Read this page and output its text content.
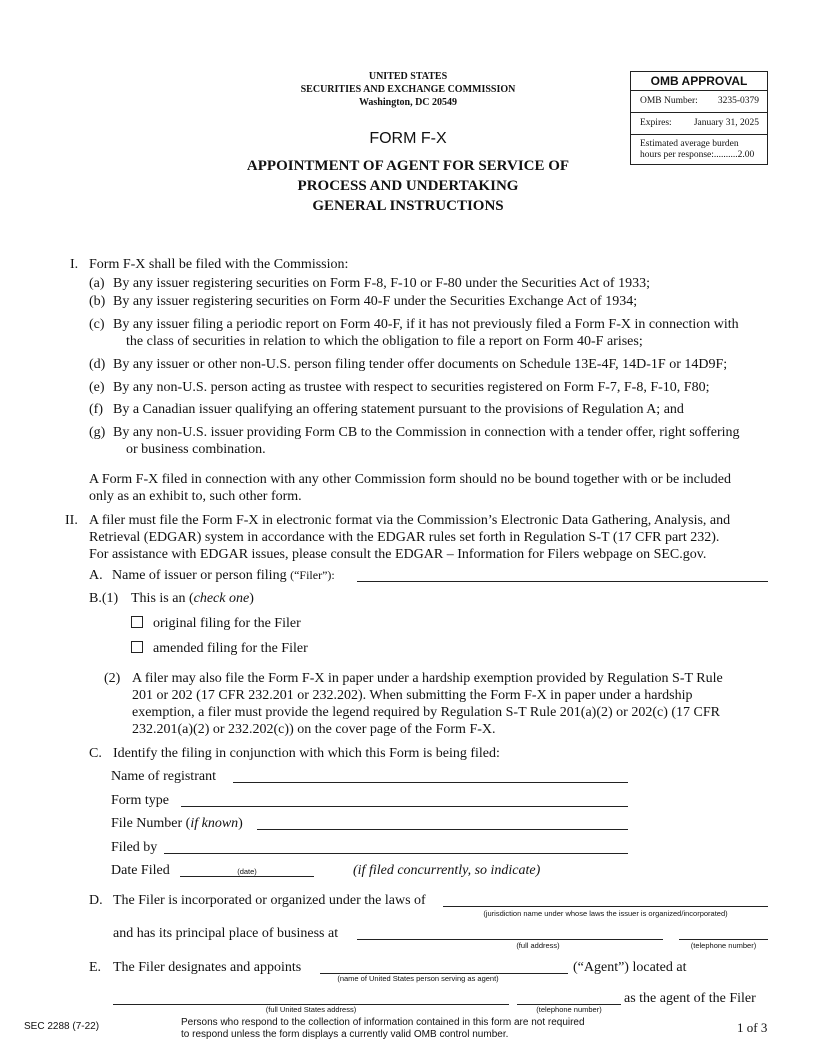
UNITED STATES
SECURITIES AND EXCHANGE COMMISSION
Washington, DC 20549
OMB APPROVAL
OMB Number: 3235-0379
Expires: January 31, 2025
Estimated average burden
hours per response:..........2.00
FORM F-X
APPOINTMENT OF AGENT FOR SERVICE OF
PROCESS AND UNDERTAKING
GENERAL INSTRUCTIONS
I. Form F-X shall be filed with the Commission:
(a) By any issuer registering securities on Form F-8, F-10 or F-80 under the Securities Act of 1933;
(b) By any issuer registering securities on Form 40-F under the Securities Exchange Act of 1934;
(c) By any issuer filing a periodic report on Form 40-F, if it has not previously filed a Form F-X in connection with
the class of securities in relation to which the obligation to file a report on Form 40-F arises;
(d) By any issuer or other non-U.S. person filing tender offer documents on Schedule 13E-4F, 14D-1F or 14D9F;
(e) By any non-U.S. person acting as trustee with respect to securities registered on Form F-7, F-8, F-10, F80;
(f) By a Canadian issuer qualifying an offering statement pursuant to the provisions of Regulation A; and
(g) By any non-U.S. issuer providing Form CB to the Commission in connection with a tender offer, right soffering
or business combination.
A Form F-X filed in connection with any other Commission form should no be bound together with or be included
only as an exhibit to, such other form.
II. A filer must file the Form F-X in electronic format via the Commission’s Electronic Data Gathering, Analysis, and
Retrieval (EDGAR) system in accordance with the EDGAR rules set forth in Regulation S-T (17 CFR part 232).
For assistance with EDGAR issues, please consult the EDGAR – Information for Filers webpage on SEC.gov.
A. Name of issuer or person filing (“Filer”):
B.(1) This is an (check one)
original filing for the Filer
amended filing for the Filer
(2) A filer may also file the Form F-X in paper under a hardship exemption provided by Regulation S-T Rule
201 or 202 (17 CFR 232.201 or 232.202). When submitting the Form F-X in paper under a hardship
exemption, a filer must provide the legend required by Regulation S-T Rule 201(a)(2) or 202(c) (17 CFR
232.201(a)(2) or 232.202(c)) on the cover page of the Form F-X.
C. Identify the filing in conjunction with which this Form is being filed:
Name of registrant
Form type
File Number (if known)
Filed by
Date Filed	(date)	(if filed concurrently, so indicate)
D. The Filer is incorporated or organized under the laws of
(jurisdiction name under whose laws the issuer is organized/incorporated)
and has its principal place of business at
(full address)	(telephone number)
E. The Filer designates and appoints
(name of United States person serving as agent)
(“Agent”) located at
(full United States address)	(telephone number)
as the agent of the Filer
SEC 2288 (7-22)	Persons who respond to the collection of information contained in this form are not required
to respond unless the form displays a currently valid OMB control number.	1 of 3
